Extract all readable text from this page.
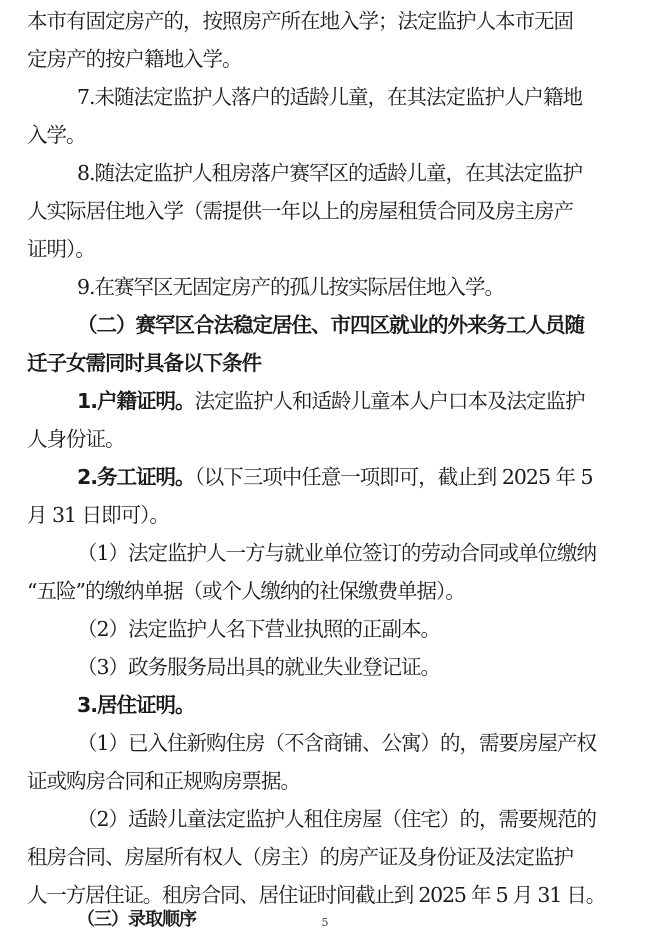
本市有固定房产的，按照房产所在地入学；法定监护人本市无固
定房产的按户籍地入学。
7.未随法定监护人落户的适龄儿童，在其法定监护人户籍地
入学。
8.随法定监护人租房落户赛罕区的适龄儿童，在其法定监护
人实际居住地入学（需提供一年以上的房屋租赁合同及房主房产
证明）。
9.在赛罕区无固定房产的孤儿按实际居住地入学。
（二）赛罕区合法稳定居住、市四区就业的外来务工人员随
迁子女需同时具备以下条件
1.户籍证明。法定监护人和适龄儿童本人户口本及法定监护
人身份证。
2.务工证明。（以下三项中任意一项即可，截止到 2025 年 5
月 31 日即可）。
（1）法定监护人一方与就业单位签订的劳动合同或单位缴纳
“五险”的缴纳单据（或个人缴纳的社保缴费单据）。
（2）法定监护人名下营业执照的正副本。
（3）政务服务局出具的就业失业登记证。
3.居住证明。
（1）已入住新购住房（不含商铺、公寓）的，需要房屋产权
证或购房合同和正规购房票据。
（2）适龄儿童法定监护人租住房屋（住宅）的，需要规范的
租房合同、房屋所有权人（房主）的房产证及身份证及法定监护
人一方居住证。租房合同、居住证时间截止到 2025 年 5 月 31 日。
（三）录取顺序	5
